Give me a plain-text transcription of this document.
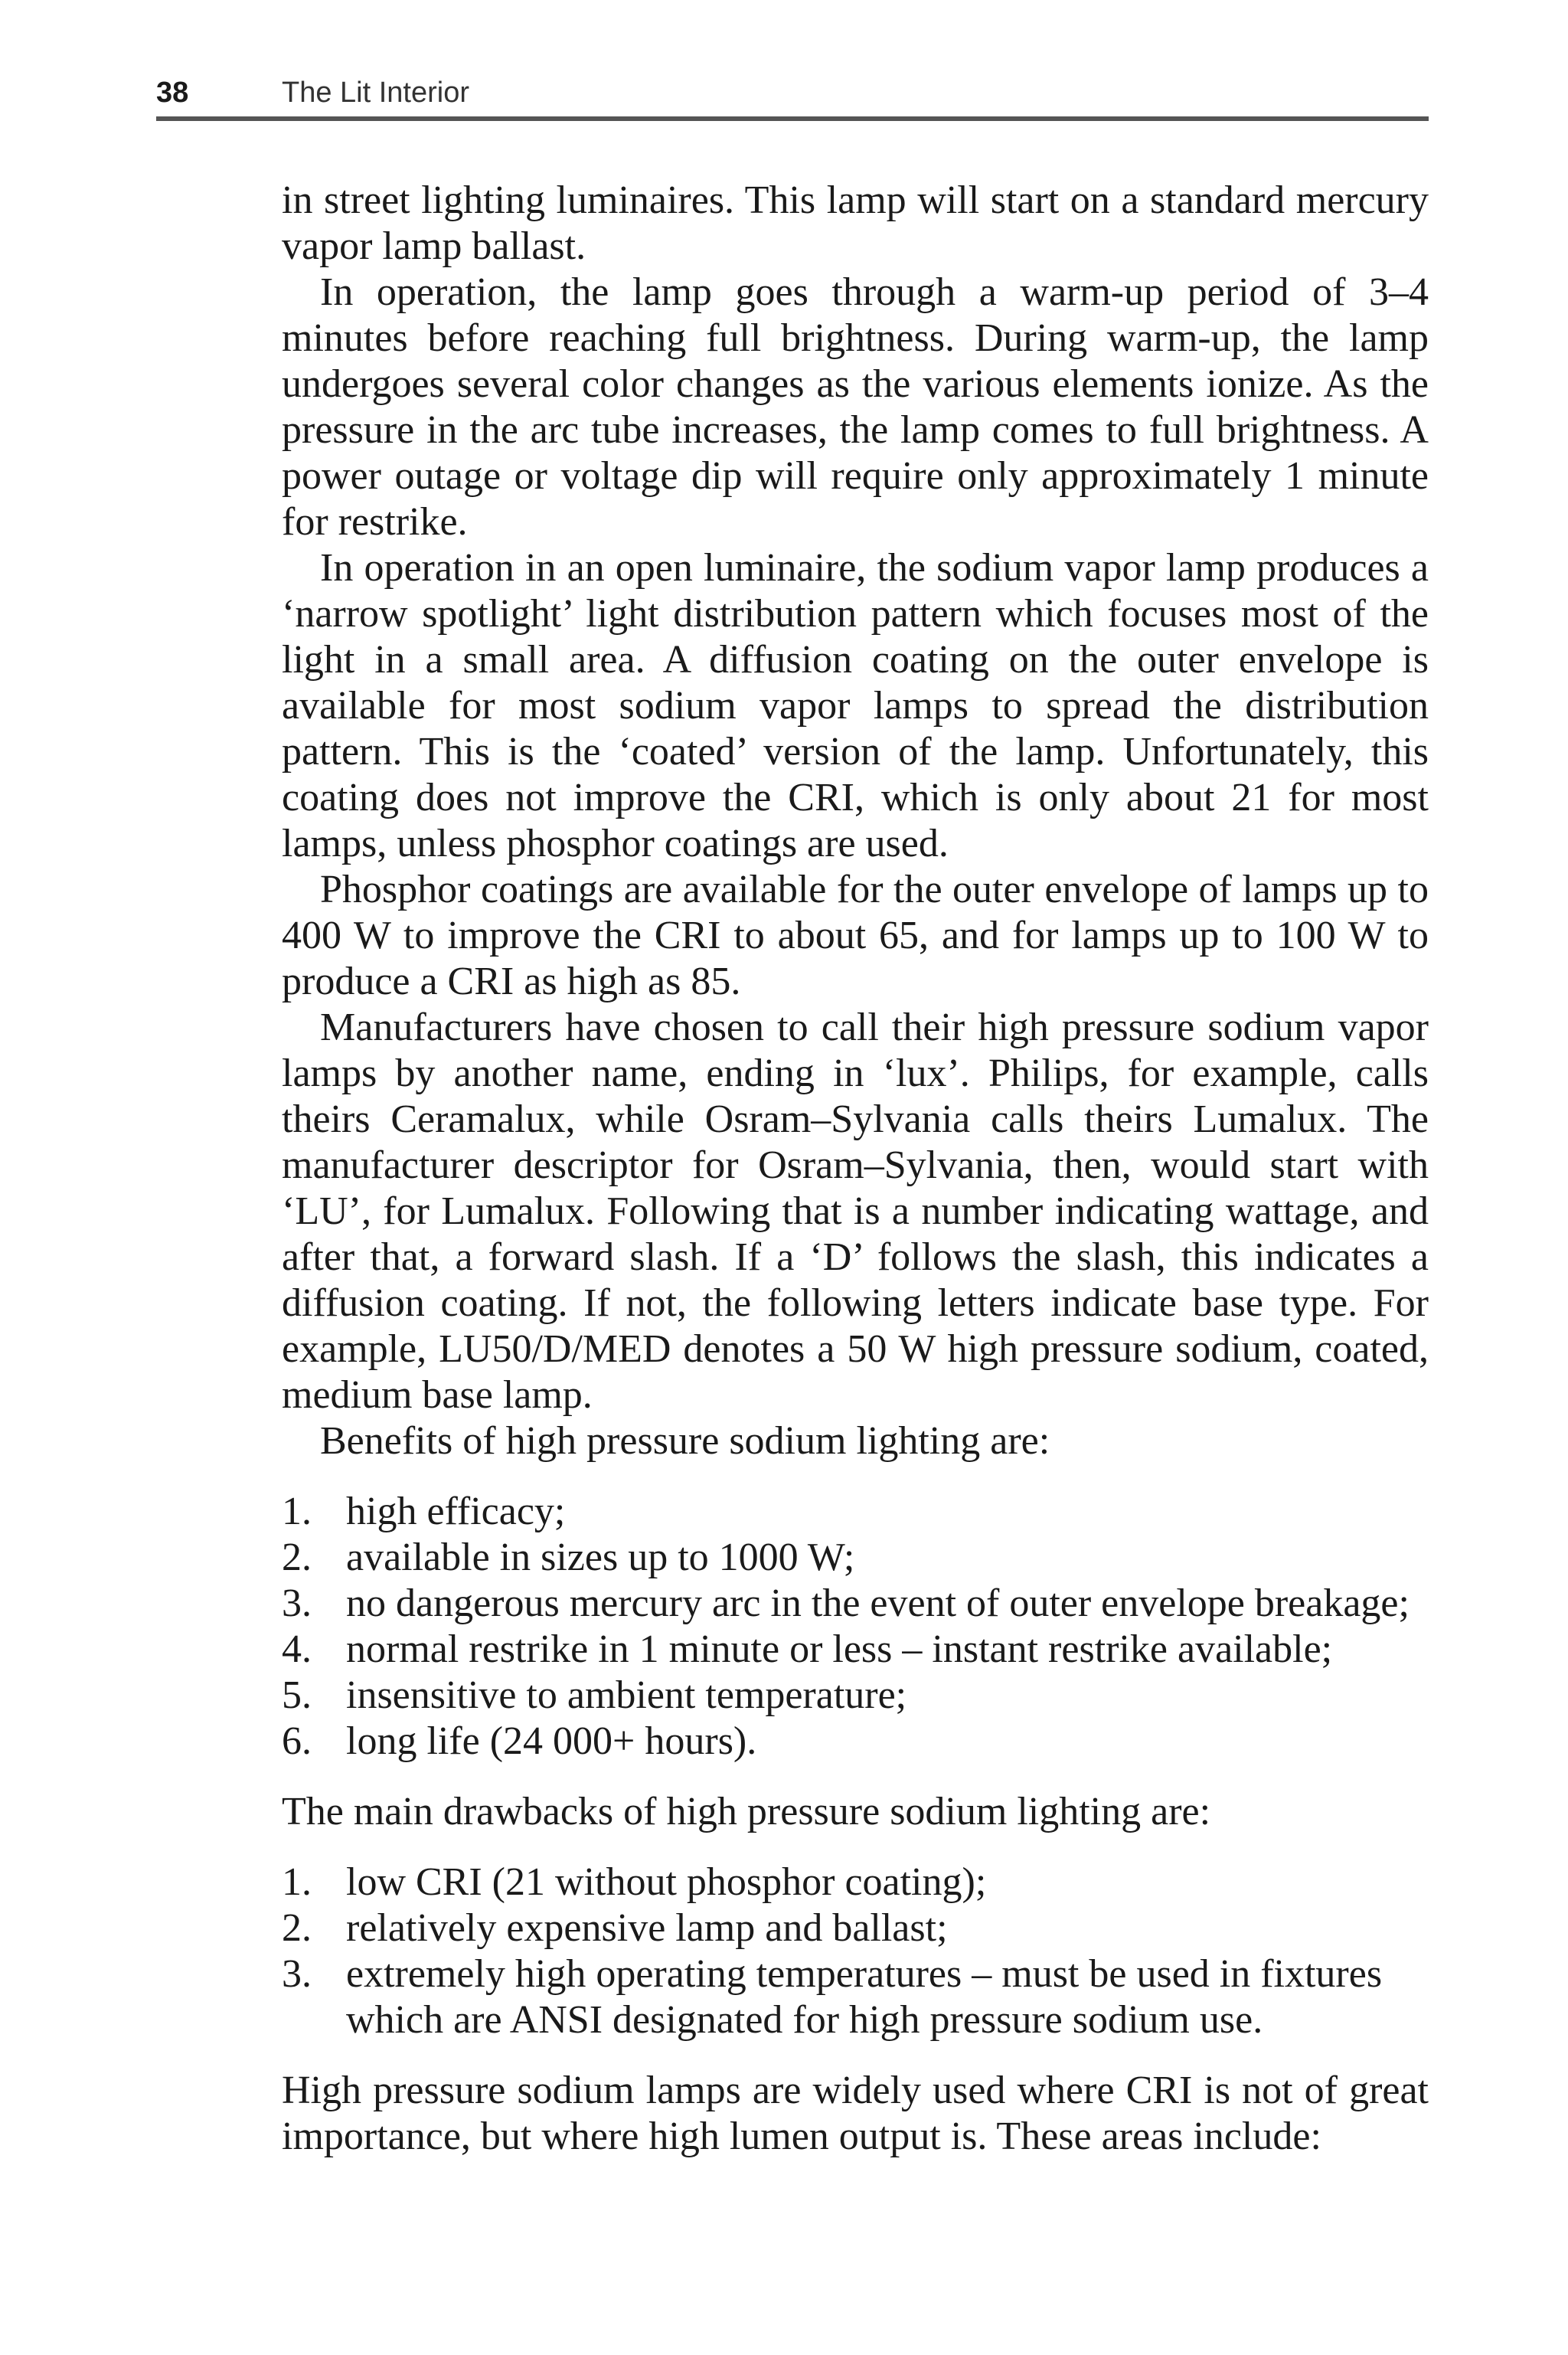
38	The Lit Interior

in street lighting luminaires. This lamp will start on a standard mercury vapor lamp ballast.

In operation, the lamp goes through a warm-up period of 3–4 minutes before reaching full brightness. During warm-up, the lamp undergoes several color changes as the various elements ionize. As the pressure in the arc tube increases, the lamp comes to full brightness. A power outage or voltage dip will require only approximately 1 minute for restrike.

In operation in an open luminaire, the sodium vapor lamp produces a ‘narrow spotlight’ light distribution pattern which focuses most of the light in a small area. A diffusion coating on the outer envelope is available for most sodium vapor lamps to spread the distribution pattern. This is the ‘coated’ version of the lamp. Unfortunately, this coating does not improve the CRI, which is only about 21 for most lamps, unless phosphor coatings are used.

Phosphor coatings are available for the outer envelope of lamps up to 400 W to improve the CRI to about 65, and for lamps up to 100 W to produce a CRI as high as 85.

Manufacturers have chosen to call their high pressure sodium vapor lamps by another name, ending in ‘lux’. Philips, for example, calls theirs Ceramalux, while Osram–Sylvania calls theirs Lumalux. The manufacturer descriptor for Osram–Sylvania, then, would start with ‘LU’, for Lumalux. Following that is a number indicating wattage, and after that, a forward slash. If a ‘D’ follows the slash, this indicates a diffusion coating. If not, the following letters indicate base type. For example, LU50/D/MED denotes a 50 W high pressure sodium, coated, medium base lamp.

Benefits of high pressure sodium lighting are:

1. high efficacy;
2. available in sizes up to 1000 W;
3. no dangerous mercury arc in the event of outer envelope breakage;
4. normal restrike in 1 minute or less – instant restrike available;
5. insensitive to ambient temperature;
6. long life (24 000+ hours).

The main drawbacks of high pressure sodium lighting are:

1. low CRI (21 without phosphor coating);
2. relatively expensive lamp and ballast;
3. extremely high operating temperatures – must be used in fixtures which are ANSI designated for high pressure sodium use.

High pressure sodium lamps are widely used where CRI is not of great importance, but where high lumen output is. These areas include:
